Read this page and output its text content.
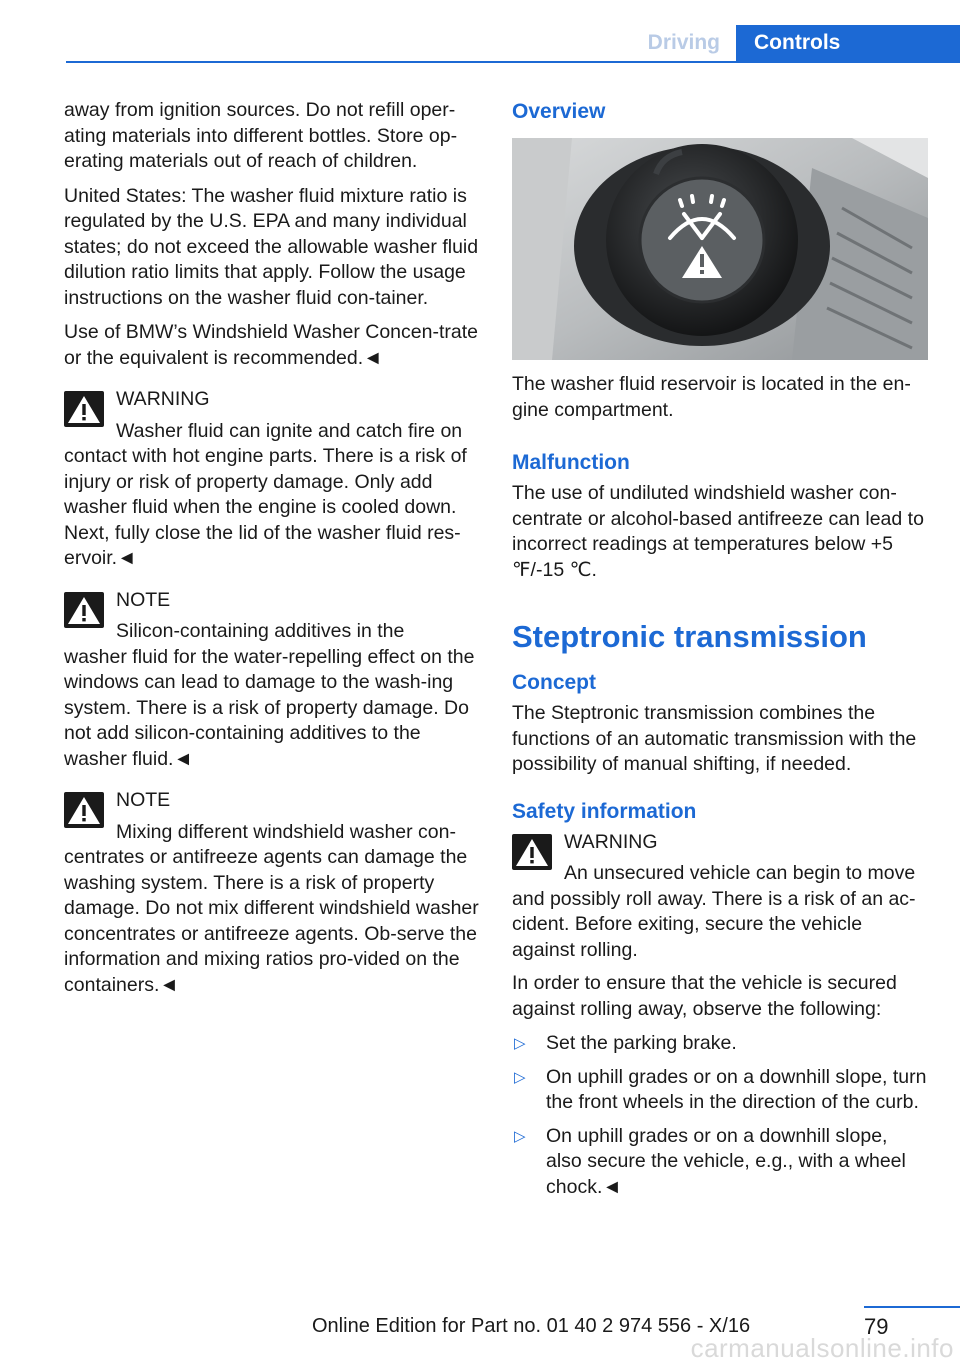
Driving	Controls

away from ignition sources. Do not refill oper-ating materials into different bottles. Store op-erating materials out of reach of children.

United States: The washer fluid mixture ratio is regulated by the U.S. EPA and many individual states; do not exceed the allowable washer fluid dilution ratio limits that apply. Follow the usage instructions on the washer fluid con-tainer.

Use of BMW’s Windshield Washer Concen-trate or the equivalent is recommended.◄

WARNING
Washer fluid can ignite and catch fire on
contact with hot engine parts. There is a risk of injury or risk of property damage. Only add washer fluid when the engine is cooled down. Next, fully close the lid of the washer fluid res-ervoir.◄
NOTE
Silicon-containing additives in the
washer fluid for the water-repelling effect on the windows can lead to damage to the wash-ing system. There is a risk of property damage. Do not add silicon-containing additives to the washer fluid.◄
NOTE
Mixing different windshield washer con-
centrates or antifreeze agents can damage the washing system. There is a risk of property damage. Do not mix different windshield washer concentrates or antifreeze agents. Ob-serve the information and mixing ratios pro-vided on the containers.◄
Overview

The washer fluid reservoir is located in the en-gine compartment.

Malfunction

The use of undiluted windshield washer con-centrate or alcohol-based antifreeze can lead to incorrect readings at temperatures below +5 ℉/-15 ℃.

Steptronic transmission
Concept

The Steptronic transmission combines the functions of an automatic transmission with the possibility of manual shifting, if needed.

Safety information
WARNING
An unsecured vehicle can begin to move
and possibly roll away. There is a risk of an ac-cident. Before exiting, secure the vehicle against rolling.

In order to ensure that the vehicle is secured against rolling away, observe the following:

▷ Set the parking brake.
▷ On uphill grades or on a downhill slope, turn the front wheels in the direction of the curb.
▷ On uphill grades or on a downhill slope, also secure the vehicle, e.g., with a wheel chock.◄
79
Online Edition for Part no. 01 40 2 974 556 - X/16
carmanualsonline.info
